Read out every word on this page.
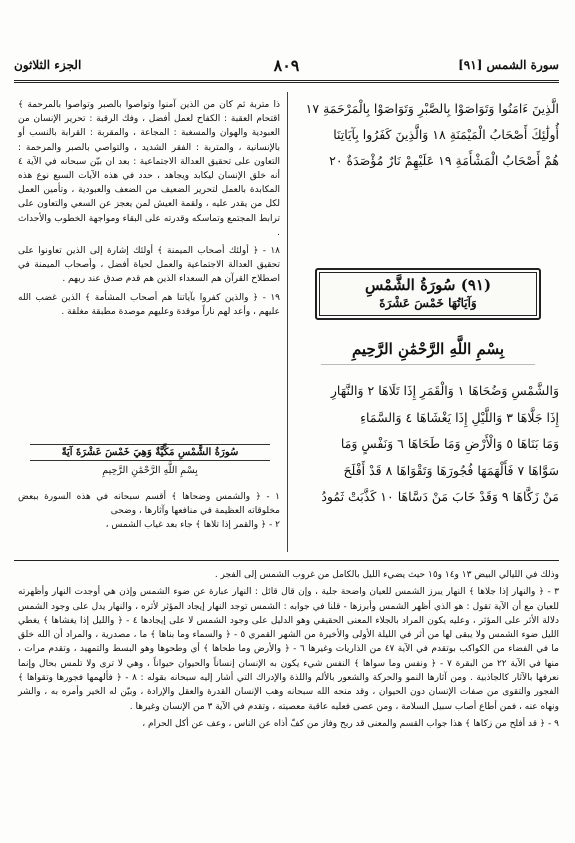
سورة الشمس [٩١]
٨٠٩
الجزء الثلاثون
الَّذِينَ ءَامَنُوا وَتَوَاصَوْا بِالصَّبْرِ وَتَوَاصَوْا بِالْمَرْحَمَةِ ١٧
أُولَٰئِكَ أَصْحَابُ الْمَيْمَنَةِ ١٨ وَالَّذِينَ كَفَرُوا بِآيَاتِنَا
هُمْ أَصْحَابُ الْمَشْأَمَةِ ١٩ عَلَيْهِمْ نَارٌ مُؤْصَدَةٌ ٢٠
(٩١) سُورَةُ الشَّمْسِ
وَآيَاتُهَا خَمْسَ عَشْرَةَ
بِسْمِ اللَّهِ الرَّحْمَٰنِ الرَّحِيمِ
وَالشَّمْسِ وَضُحَاهَا ١ وَالْقَمَرِ إِذَا تَلَاهَا ٢ وَالنَّهَارِ
إِذَا جَلَّاهَا ٣ وَاللَّيْلِ إِذَا يَغْشَاهَا ٤ وَالسَّمَاءِ
وَمَا بَنَاهَا ٥ وَالْأَرْضِ وَمَا طَحَاهَا ٦ وَنَفْسٍ وَمَا
سَوَّاهَا ٧ فَأَلْهَمَهَا فُجُورَهَا وَتَقْوَاهَا ٨ قَدْ أَفْلَحَ
مَنْ زَكَّاهَا ٩ وَقَدْ خَابَ مَنْ دَسَّاهَا ١٠ كَذَّبَتْ ثَمُودُ

ذا متربة ثم كان من الذين آمنوا وتواصوا بالصبر وتواصوا بالمرحمة ﴾ اقتحام العقبة : الكفاح لعمل أفضل ، وفك الرقبة : تحرير الإنسان من العبودية والهوان والمسغبة : المجاعة ، والمقربة : القرابة بالنسب أو بالإنسانية ، والمتربة : الفقر الشديد ، والتواصي بالصبر والمرحمة : التعاون على تحقيق العدالة الاجتماعية : بعد ان بيّن سبحانه في الآية ٤ أنه خلق الإنسان ليكابد ويجاهد ، حدد في هذه الآيات السبع نوع هذه المكابدة بالعمل لتحرير الضعيف من الضعف والعبودية ، وتأمين العمل لكل من يقدر عليه ، ولقمة العيش لمن يعجز عن السعي والتعاون على ترابط المجتمع وتماسكه وقدرته على البقاء ومواجهة الخطوب والأحداث .

١٨ - ﴿ أولئك أصحاب الميمنة ﴾ أولئك إشارة إلى الذين تعاونوا على تحقيق العدالة الاجتماعية والعمل لحياة أفضل ، وأصحاب الميمنة في اصطلاح القرآن هم السعداء الذين هم قدم صدق عند ربهم .

١٩ - ﴿ والذين كفروا بآياتنا هم أصحاب المشأمة ﴾ الذين غضب الله عليهم ، وأعد لهم ناراً موقدة وعليهم موصدة مطبقة مغلقة .

سُورَةُ الشَّمْسِ مَكِّيَّةٌ وَهِيَ خَمْسَ عَشْرَةَ آيَةً
بِسْمِ اللَّهِ الرَّحْمَٰنِ الرَّحِيمِ

١ - ﴿ والشمس وضحاها ﴾ أقسم سبحانه في هذه السورة ببعض مخلوقاته العظيمة في منافعها وآثارها ، وضحى

٢ - ﴿ والقمر إذا تلاها ﴾ جاء بعد غياب الشمس ،

وذلك في الليالي البيض ١٣ و١٤ و١٥ حيث يضيء الليل بالكامل من غروب الشمس إلى الفجر .

٣ - ﴿ والنهار إذا جلاها ﴾ النهار يبرز الشمس للعيان واضحة جلية ، وإن قال قائل : النهار عبارة عن ضوء الشمس وإذن هي أوجدت النهار وأظهرته للعيان مع أن الآية تقول : هو الذي أظهر الشمس وأبرزها - قلنا في جوابه : الشمس توجد النهار إيجاد المؤثر لأثره ، والنهار يدل على وجود الشمس دلالة الأثر على المؤثر ، وعليه يكون المراد بالجلاء المعنى الحقيقي وهو الدليل على وجود الشمس لا على إيجادها ٤ - ﴿ والليل إذا يغشاها ﴾ يغطي الليل ضوء الشمس ولا يبقى لها من أثر في الليلة الأولى والأخيرة من الشهر القمري ٥ - ﴿ والسماء وما بناها ﴾ ما ، مصدرية ، والمراد أن الله خلق ما في الفضاء من الكواكب بوتقدم في الآية ٤٧ من الذاريات وغيرها ٦ - ﴿ والأرض وما طحاها ﴾ أي وطحوها وهو البسط والتمهيد ، وتقدم مرات ، منها في الآية ٢٢ من البقرة ٧ - ﴿ ونفس وما سواها ﴾ النفس شيء يكون به الإنسان إنساناً والحيوان حيواناً ، وهي لا ترى ولا تلمس بحال وإنما نعرفها بالآثار كالجاذبية . ومن آثارها النمو والحركة والشعور بالألم واللذة والإدراك التي أشار إليه سبحانه بقوله : ٨ - ﴿ فألهمها فجورها وتقواها ﴾ الفجور والتقوى من صفات الإنسان دون الحيوان ، وقد منحه الله سبحانه وهب الإنسان القدرة والعقل والإرادة ، وبيّن له الخير وأمره به ، والشر ونهاه عنه ، فمن أطاع أصاب سبيل السلامة ، ومن عصى فعليه عاقبة معصيته ، وتقدم في الآية ٣ من الإنسان وغيرها .

٩ - ﴿ قد أفلح من زكاها ﴾ هذا جواب القسم والمعنى قد ربح وفاز من كفّ أذاه عن الناس ، وعف عن أكل الحرام ،
